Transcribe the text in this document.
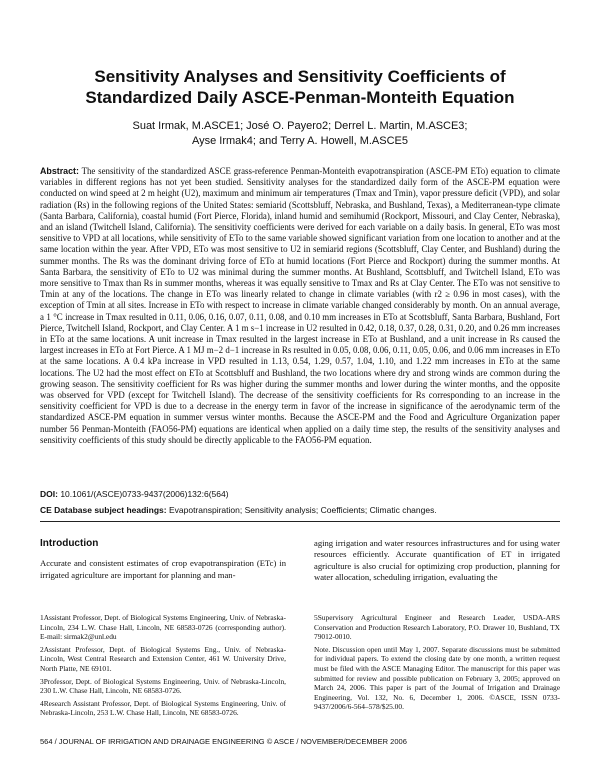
Sensitivity Analyses and Sensitivity Coefficients of Standardized Daily ASCE-Penman-Monteith Equation
Suat Irmak, M.ASCE1; José O. Payero2; Derrel L. Martin, M.ASCE3;
Ayse Irmak4; and Terry A. Howell, M.ASCE5
Abstract: The sensitivity of the standardized ASCE grass-reference Penman-Monteith evapotranspiration (ASCE-PM ETo) equation to climate variables in different regions has not yet been studied. Sensitivity analyses for the standardized daily form of the ASCE-PM equation were conducted on wind speed at 2 m height (U2), maximum and minimum air temperatures (Tmax and Tmin), vapor pressure deficit (VPD), and solar radiation (Rs) in the following regions of the United States: semiarid (Scottsbluff, Nebraska, and Bushland, Texas), a Mediterranean-type climate (Santa Barbara, California), coastal humid (Fort Pierce, Florida), inland humid and semihumid (Rockport, Missouri, and Clay Center, Nebraska), and an island (Twitchell Island, California). The sensitivity coefficients were derived for each variable on a daily basis. In general, ETo was most sensitive to VPD at all locations, while sensitivity of ETo to the same variable showed significant variation from one location to another and at the same location within the year. After VPD, ETo was most sensitive to U2 in semiarid regions (Scottsbluff, Clay Center, and Bushland) during the summer months. The Rs was the dominant driving force of ETo at humid locations (Fort Pierce and Rockport) during the summer months. At Santa Barbara, the sensitivity of ETo to U2 was minimal during the summer months. At Bushland, Scottsbluff, and Twitchell Island, ETo was more sensitive to Tmax than Rs in summer months, whereas it was equally sensitive to Tmax and Rs at Clay Center. The ETo was not sensitive to Tmin at any of the locations. The change in ETo was linearly related to change in climate variables (with r2 ≥ 0.96 in most cases), with the exception of Tmin at all sites. Increase in ETo with respect to increase in climate variable changed considerably by month. On an annual average, a 1 °C increase in Tmax resulted in 0.11, 0.06, 0.16, 0.07, 0.11, 0.08, and 0.10 mm increases in ETo at Scottsbluff, Santa Barbara, Bushland, Fort Pierce, Twitchell Island, Rockport, and Clay Center. A 1 m s−1 increase in U2 resulted in 0.42, 0.18, 0.37, 0.28, 0.31, 0.20, and 0.26 mm increases in ETo at the same locations. A unit increase in Tmax resulted in the largest increase in ETo at Bushland, and a unit increase in Rs caused the largest increases in ETo at Fort Pierce. A 1 MJ m−2 d−1 increase in Rs resulted in 0.05, 0.08, 0.06, 0.11, 0.05, 0.06, and 0.06 mm increases in ETo at the same locations. A 0.4 kPa increase in VPD resulted in 1.13, 0.54, 1.29, 0.57, 1.04, 1.10, and 1.22 mm increases in ETo at the same locations. The U2 had the most effect on ETo at Scottsbluff and Bushland, the two locations where dry and strong winds are common during the growing season. The sensitivity coefficient for Rs was higher during the summer months and lower during the winter months, and the opposite was observed for VPD (except for Twitchell Island). The decrease of the sensitivity coefficients for Rs corresponding to an increase in the sensitivity coefficient for VPD is due to a decrease in the energy term in favor of the increase in significance of the aerodynamic term of the standardized ASCE-PM equation in summer versus winter months. Because the ASCE-PM and the Food and Agriculture Organization paper number 56 Penman-Monteith (FAO56-PM) equations are identical when applied on a daily time step, the results of the sensitivity analyses and sensitivity coefficients of this study should be directly applicable to the FAO56-PM equation.
DOI: 10.1061/(ASCE)0733-9437(2006)132:6(564)
CE Database subject headings: Evapotranspiration; Sensitivity analysis; Coefficients; Climatic changes.
Introduction
Accurate and consistent estimates of crop evapotranspiration (ETc) in irrigated agriculture are important for planning and man-
aging irrigation and water resources infrastructures and for using water resources efficiently. Accurate quantification of ET in irrigated agriculture is also crucial for optimizing crop production, planning for water allocation, scheduling irrigation, evaluating the

1Assistant Professor, Dept. of Biological Systems Engineering, Univ. of Nebraska-Lincoln, 234 L.W. Chase Hall, Lincoln, NE 68583-0726 (corresponding author). E-mail: sirmak2@unl.edu

2Assistant Professor, Dept. of Biological Systems Eng., Univ. of Nebraska-Lincoln, West Central Research and Extension Center, 461 W. University Drive, North Platte, NE 69101.

3Professor, Dept. of Biological Systems Engineering, Univ. of Nebraska-Lincoln, 230 L.W. Chase Hall, Lincoln, NE 68583-0726.

4Research Assistant Professor, Dept. of Biological Systems Engineering, Univ. of Nebraska-Lincoln, 253 L.W. Chase Hall, Lincoln, NE 68583-0726.

5Supervisory Agricultural Engineer and Research Leader, USDA-ARS Conservation and Production Research Laboratory, P.O. Drawer 10, Bushland, TX 79012-0010.

Note. Discussion open until May 1, 2007. Separate discussions must be submitted for individual papers. To extend the closing date by one month, a written request must be filed with the ASCE Managing Editor. The manuscript for this paper was submitted for review and possible publication on February 3, 2005; approved on March 24, 2006. This paper is part of the Journal of Irrigation and Drainage Engineering, Vol. 132, No. 6, December 1, 2006. ©ASCE, ISSN 0733-9437/2006/6-564–578/$25.00.

564 / JOURNAL OF IRRIGATION AND DRAINAGE ENGINEERING © ASCE / NOVEMBER/DECEMBER 2006
